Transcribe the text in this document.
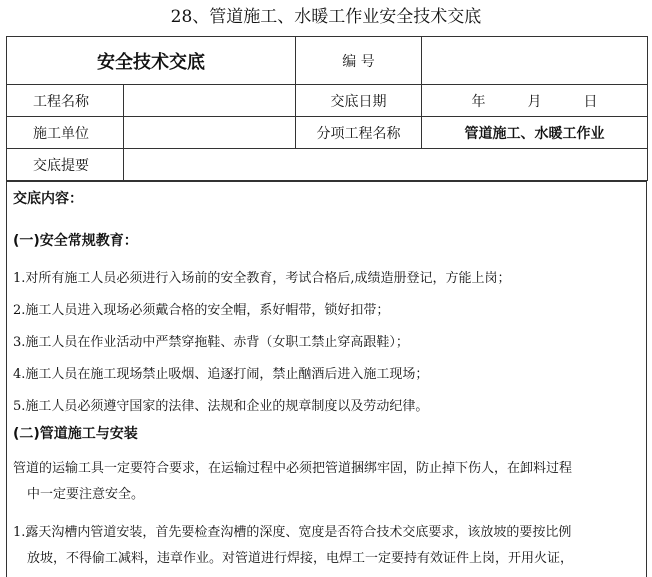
28、管道施工、水暖工作业安全技术交底
安全技术交底		编 号	
工程名称		交底日期	年 月 日
施工单位		分项工程名称	管道施工、水暖工作业
交底提要			
交底内容：
(一)安全常规教育：
1.对所有施工人员必须进行入场前的安全教育，考试合格后,成绩造册登记，方能上岗；
2.施工人员进入现场必须戴合格的安全帽，系好帽带，锁好扣带；
3.施工人员在作业活动中严禁穿拖鞋、赤背（女职工禁止穿高跟鞋）；
4.施工人员在施工现场禁止吸烟、追逐打闹，禁止酗酒后进入施工现场；
5.施工人员必须遵守国家的法律、法规和企业的规章制度以及劳动纪律。
(二)管道施工与安装
管道的运输工具一定要符合要求，在运输过程中必须把管道捆绑牢固，防止掉下伤人，在卸料过程
中一定要注意安全。
1.露天沟槽内管道安装，首先要检查沟槽的深度、宽度是否符合技术交底要求，该放坡的要按比例
放坡，不得偷工减料，违章作业。对管道进行焊接，电焊工一定要持有效证件上岗，开用火证，
